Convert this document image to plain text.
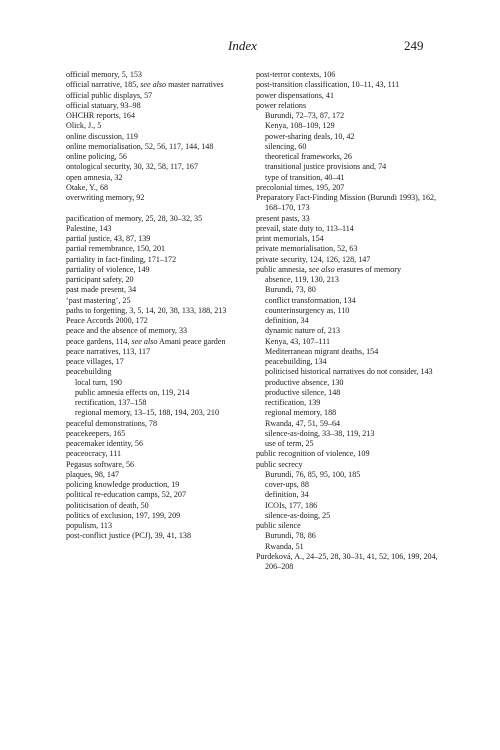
Index	249
official memory, 5, 153
official narrative, 185, see also master narratives
official public displays, 57
official statuary, 93–98
OHCHR reports, 164
Olick, J., 5
online discussion, 119
online memorialisation, 52, 56, 117, 144, 148
online policing, 56
ontological security, 30, 32, 58, 117, 167
open amnesia, 32
Otake, Y., 68
overwriting memory, 92
pacification of memory, 25, 28, 30–32, 35
Palestine, 143
partial justice, 43, 87, 139
partial remembrance, 150, 201
partiality in fact-finding, 171–172
partiality of violence, 149
participant safety, 20
past made present, 34
‘past mastering’, 25
paths to forgetting, 3, 5, 14, 20, 38, 133, 188, 213
Peace Accords 2000, 172
peace and the absence of memory, 33
peace gardens, 114, see also Amani peace garden
peace narratives, 113, 117
peace villages, 17
peacebuilding
local turn, 190
public amnesia effects on, 119, 214
rectification, 137–158
regional memory, 13–15, 188, 194, 203, 210
peaceful demonstrations, 78
peacekeepers, 165
peacemaker identity, 56
peaceocracy, 111
Pegasus software, 56
plaques, 98, 147
policing knowledge production, 19
political re-education camps, 52, 207
politicisation of death, 50
politics of exclusion, 197, 199, 209
populism, 113
post-conflict justice (PCJ), 39, 41, 138
post-terror contexts, 106
post-transition classification, 10–11, 43, 111
power dispensations, 41
power relations
Burundi, 72–73, 87, 172
Kenya, 108–109, 129
power-sharing deals, 10, 42
silencing, 60
theoretical frameworks, 26
transitional justice provisions and, 74
type of transition, 40–41
precolonial times, 195, 207
Preparatory Fact-Finding Mission (Burundi 1993), 162, 168–170, 173
present pasts, 33
prevail, state duty to, 113–114
print memorials, 154
private memorialisation, 52, 63
private security, 124, 126, 128, 147
public amnesia, see also erasures of memory
absence, 119, 130, 213
Burundi, 73, 80
conflict transformation, 134
counterinsurgency as, 110
definition, 34
dynamic nature of, 213
Kenya, 43, 107–111
Mediterranean migrant deaths, 154
peacebuilding, 134
politicised historical narratives do not consider, 143
productive absence, 130
productive silence, 148
rectification, 139
regional memory, 188
Rwanda, 47, 51, 59–64
silence-as-doing, 33–38, 119, 213
use of term, 25
public recognition of violence, 109
public secrecy
Burundi, 76, 85, 95, 100, 185
cover-ups, 88
definition, 34
ICOIs, 177, 186
silence-as-doing, 25
public silence
Burundi, 78, 86
Rwanda, 51
Purdeková, A., 24–25, 28, 30–31, 41, 52, 106, 199, 204, 206–208
